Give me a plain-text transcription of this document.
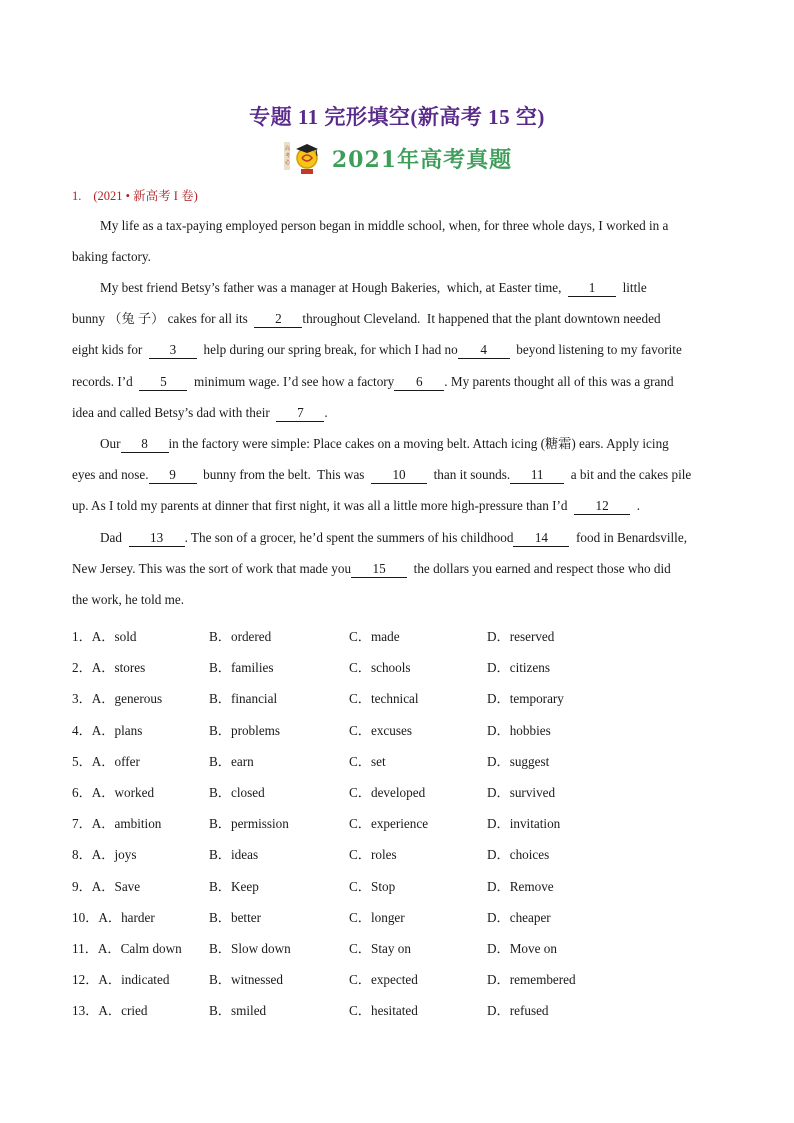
专题 11 完形填空(新高考 15 空)
高
考
必 2021年高考真题
1. (2021 • 新高考 I 卷)
My life as a tax-paying employed person began in middle school, when, for three whole days, I worked in a
baking factory.
My best friend Betsy’s father was a manager at Hough Bakeries,  which, at Easter time,  1  little
bunny （兔 子） cakes for all its  2 throughout Cleveland.  It happened that the plant downtown needed
eight kids for  3  help during our spring break, for which I had no 4  beyond listening to my favorite
records. I’d  5  minimum wage. I’d see how a factory 6 . My parents thought all of this was a grand
idea and called Betsy’s dad with their  7 .
Our 8 in the factory were simple: Place cakes on a moving belt. Attach icing (糖霜) ears. Apply icing
eyes and nose. 9  bunny from the belt.  This was  10  than it sounds. 11  a bit and the cakes pile
up. As I told my parents at dinner that first night, it was all a little more high-pressure than I’d  12  .
Dad  13 . The son of a grocer, he’d spent the summers of his childhood 14  food in Benardsville,
New Jersey. This was the sort of work that made you 15  the dollars you earned and respect those who did
the work, he told me.
1．A．sold	B．ordered	C．made	D．reserved
2．A．stores	B．families	C．schools	D．citizens
3．A．generous	B．financial	C．technical	D．temporary
4．A．plans	B．problems	C．excuses	D．hobbies
5．A．offer	B．earn	C．set	D．suggest
6．A．worked	B．closed	C．developed	D．survived
7．A．ambition	B．permission	C．experience	D．invitation
8．A．joys	B．ideas	C．roles	D．choices
9．A．Save	B．Keep	C．Stop	D．Remove
10．A．harder	B．better	C．longer	D．cheaper
11．A．Calm down	B．Slow down	C．Stay on	D．Move on
12．A．indicated	B．witnessed	C．expected	D．remembered
13．A．cried	B．smiled	C．hesitated	D．refused
